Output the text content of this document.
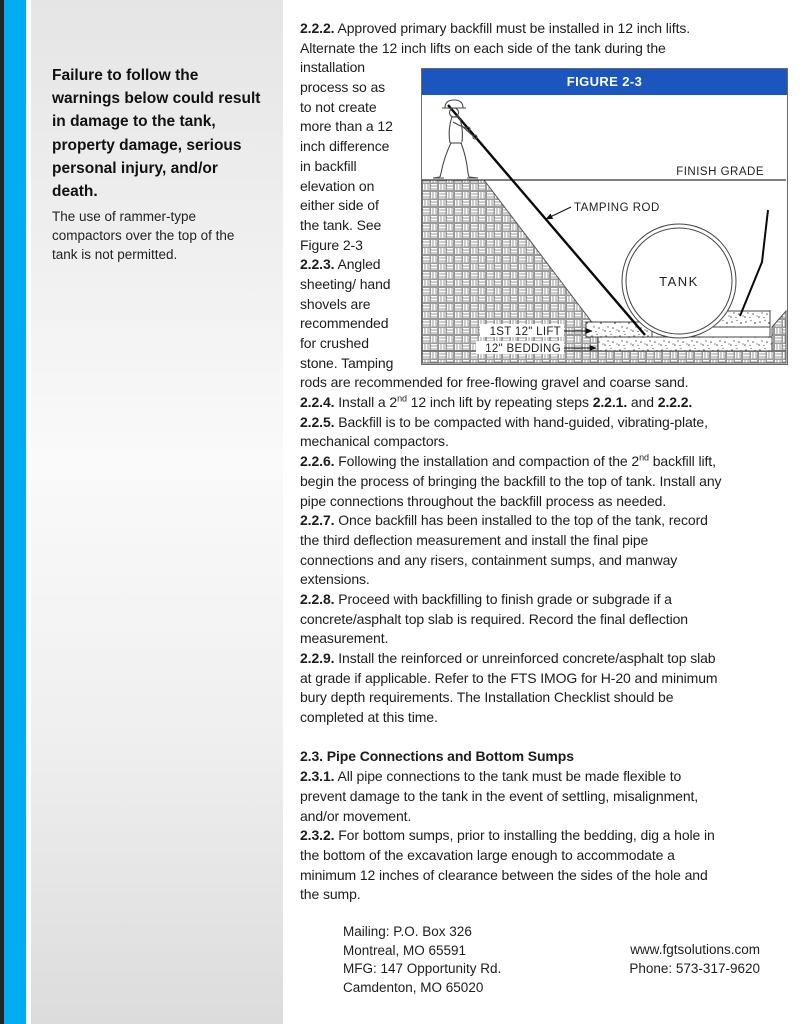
Failure to follow the
warnings below could result
in damage to the tank,
property damage, serious
personal injury, and/or
death.
The use of rammer-type
compactors over the top of the
tank is not permitted.
2.2.2. Approved primary backfill must be installed in 12 inch lifts.
Alternate the 12 inch lifts on each side of the tank during the
installation
process so as
to not create
more than a 12
inch difference
in backfill
elevation on
either side of
the tank. See
Figure 2-3
2.2.3. Angled
sheeting/ hand
shovels are
recommended
for crushed
stone. Tamping
rods are recommended for free-flowing gravel and coarse sand.
2.2.4. Install a 2nd 12 inch lift by repeating steps 2.2.1. and 2.2.2.
2.2.5. Backfill is to be compacted with hand-guided, vibrating-plate,
mechanical compactors.
2.2.6. Following the installation and compaction of the 2nd backfill lift,
begin the process of bringing the backfill to the top of tank. Install any
pipe connections throughout the backfill process as needed.
2.2.7. Once backfill has been installed to the top of the tank, record
the third deflection measurement and install the final pipe
connections and any risers, containment sumps, and manway
extensions.
2.2.8. Proceed with backfilling to finish grade or subgrade if a
concrete/asphalt top slab is required. Record the final deflection
measurement.
2.2.9. Install the reinforced or unreinforced concrete/asphalt top slab
at grade if applicable. Refer to the FTS IMOG for H-20 and minimum
bury depth requirements. The Installation Checklist should be
completed at this time.

2.3. Pipe Connections and Bottom Sumps
2.3.1. All pipe connections to the tank must be made flexible to
prevent damage to the tank in the event of settling, misalignment,
and/or movement.
2.3.2. For bottom sumps, prior to installing the bedding, dig a hole in
the bottom of the excavation large enough to accommodate a
minimum 12 inches of clearance between the sides of the hole and
the sump.
FIGURE 2-3
TANK
FINISH GRADE
TAMPING ROD
1ST 12" LIFT
12" BEDDING
Mailing: P.O. Box 326
Montreal, MO 65591
MFG: 147 Opportunity Rd.
Camdenton, MO 65020
www.fgtsolutions.com
Phone: 573-317-9620
